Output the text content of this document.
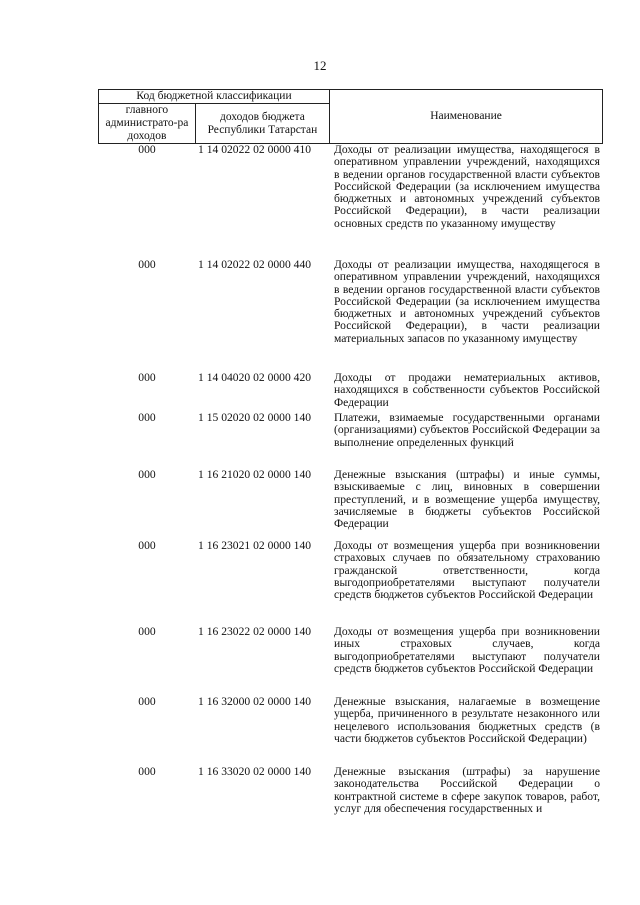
12
Код бюджетной классификации		Наименование
главного администрато-ра доходов	доходов бюджета Республики Татарстан	
000	1 14 02022 02 0000 410	Доходы от реализации имущества, находящегося в оперативном управлении учреждений, находящихся в ведении органов государственной власти субъектов Российской Федерации (за исключением имущества бюджетных и автономных учреждений субъектов Российской Федерации), в части реализации основных средств по указанному имуществу
000	1 14 02022 02 0000 440	Доходы от реализации имущества, находящегося в оперативном управлении учреждений, находящихся в ведении органов государственной власти субъектов Российской Федерации (за исключением имущества бюджетных и автономных учреждений субъектов Российской Федерации), в части реализации материальных запасов по указанному имуществу
000	1 14 04020 02 0000 420	Доходы от продажи нематериальных активов, находящихся в собственности субъектов Российской Федерации
000	1 15 02020 02 0000 140	Платежи, взимаемые государственными органами (организациями) субъектов Российской Федерации за выполнение определенных функций
000	1 16 21020 02 0000 140	Денежные взыскания (штрафы) и иные суммы, взыскиваемые с лиц, виновных в совершении преступлений, и в возмещение ущерба имуществу, зачисляемые в бюджеты субъектов Российской Федерации
000	1 16 23021 02 0000 140	Доходы от возмещения ущерба при возникновении страховых случаев по обязательному страхованию гражданской ответственности, когда выгодоприобретателями выступают получатели средств бюджетов субъектов Российской Федерации
000	1 16 23022 02 0000 140	Доходы от возмещения ущерба при возникновении иных страховых случаев, когда выгодоприобретателями выступают получатели средств бюджетов субъектов Российской Федерации
000	1 16 32000 02 0000 140	Денежные взыскания, налагаемые в возмещение ущерба, причиненного в результате незаконного или нецелевого использования бюджетных средств (в части бюджетов субъектов Российской Федерации)
000	1 16 33020 02 0000 140	Денежные взыскания (штрафы) за нарушение законодательства Российской Федерации о контрактной системе в сфере закупок товаров, работ, услуг для обеспечения государственных и
